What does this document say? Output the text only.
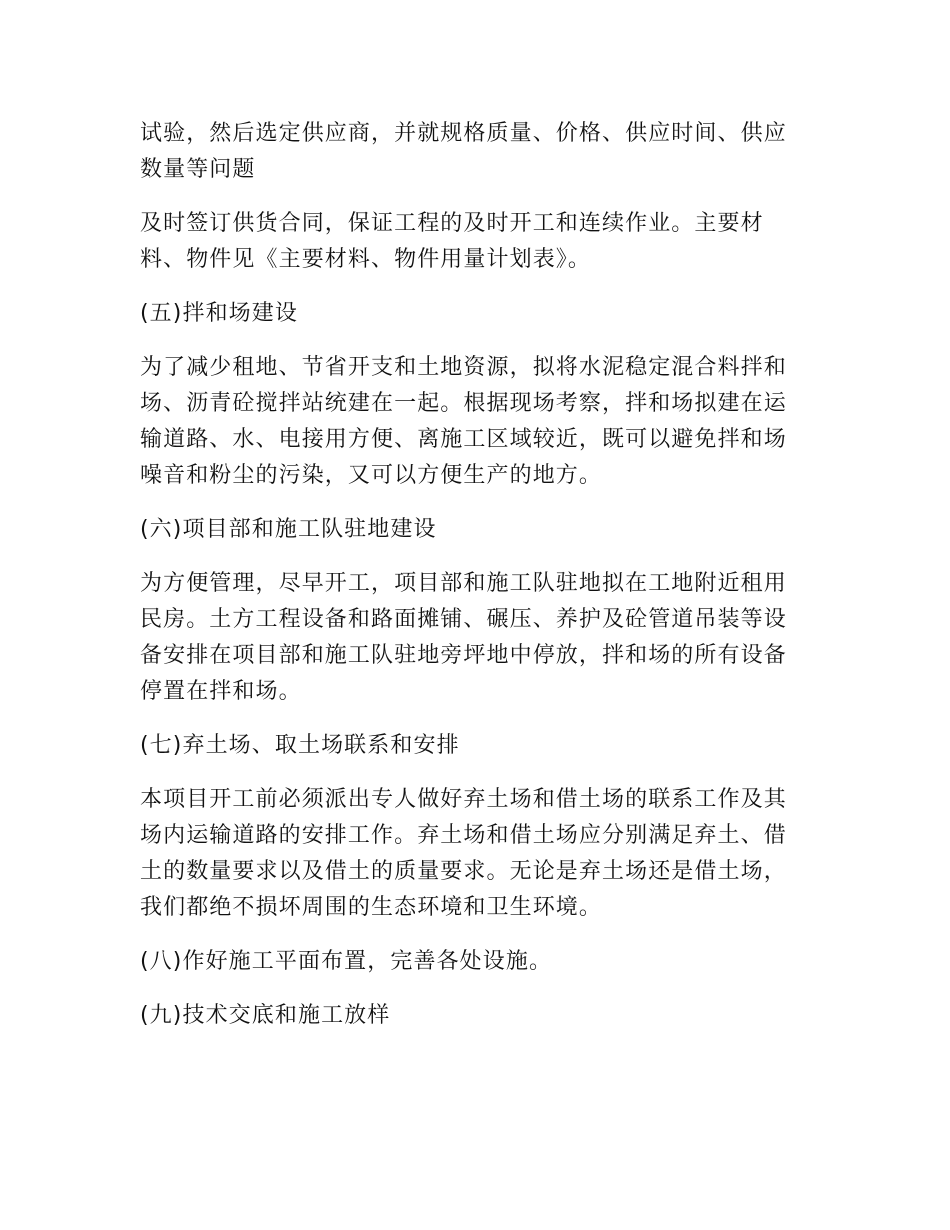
试验，然后选定供应商，并就规格质量、价格、供应时间、供应数量等问题

及时签订供货合同，保证工程的及时开工和连续作业。主要材料、物件见《主要材料、物件用量计划表》。

(五)拌和场建设

为了减少租地、节省开支和土地资源，拟将水泥稳定混合料拌和场、沥青砼搅拌站统建在一起。根据现场考察，拌和场拟建在运输道路、水、电接用方便、离施工区域较近，既可以避免拌和场噪音和粉尘的污染，又可以方便生产的地方。

(六)项目部和施工队驻地建设

为方便管理，尽早开工，项目部和施工队驻地拟在工地附近租用民房。土方工程设备和路面摊铺、碾压、养护及砼管道吊装等设备安排在项目部和施工队驻地旁坪地中停放，拌和场的所有设备停置在拌和场。

(七)弃土场、取土场联系和安排

本项目开工前必须派出专人做好弃土场和借土场的联系工作及其场内运输道路的安排工作。弃土场和借土场应分别满足弃土、借土的数量要求以及借土的质量要求。无论是弃土场还是借土场，我们都绝不损坏周围的生态环境和卫生环境。

(八)作好施工平面布置，完善各处设施。

(九)技术交底和施工放样
